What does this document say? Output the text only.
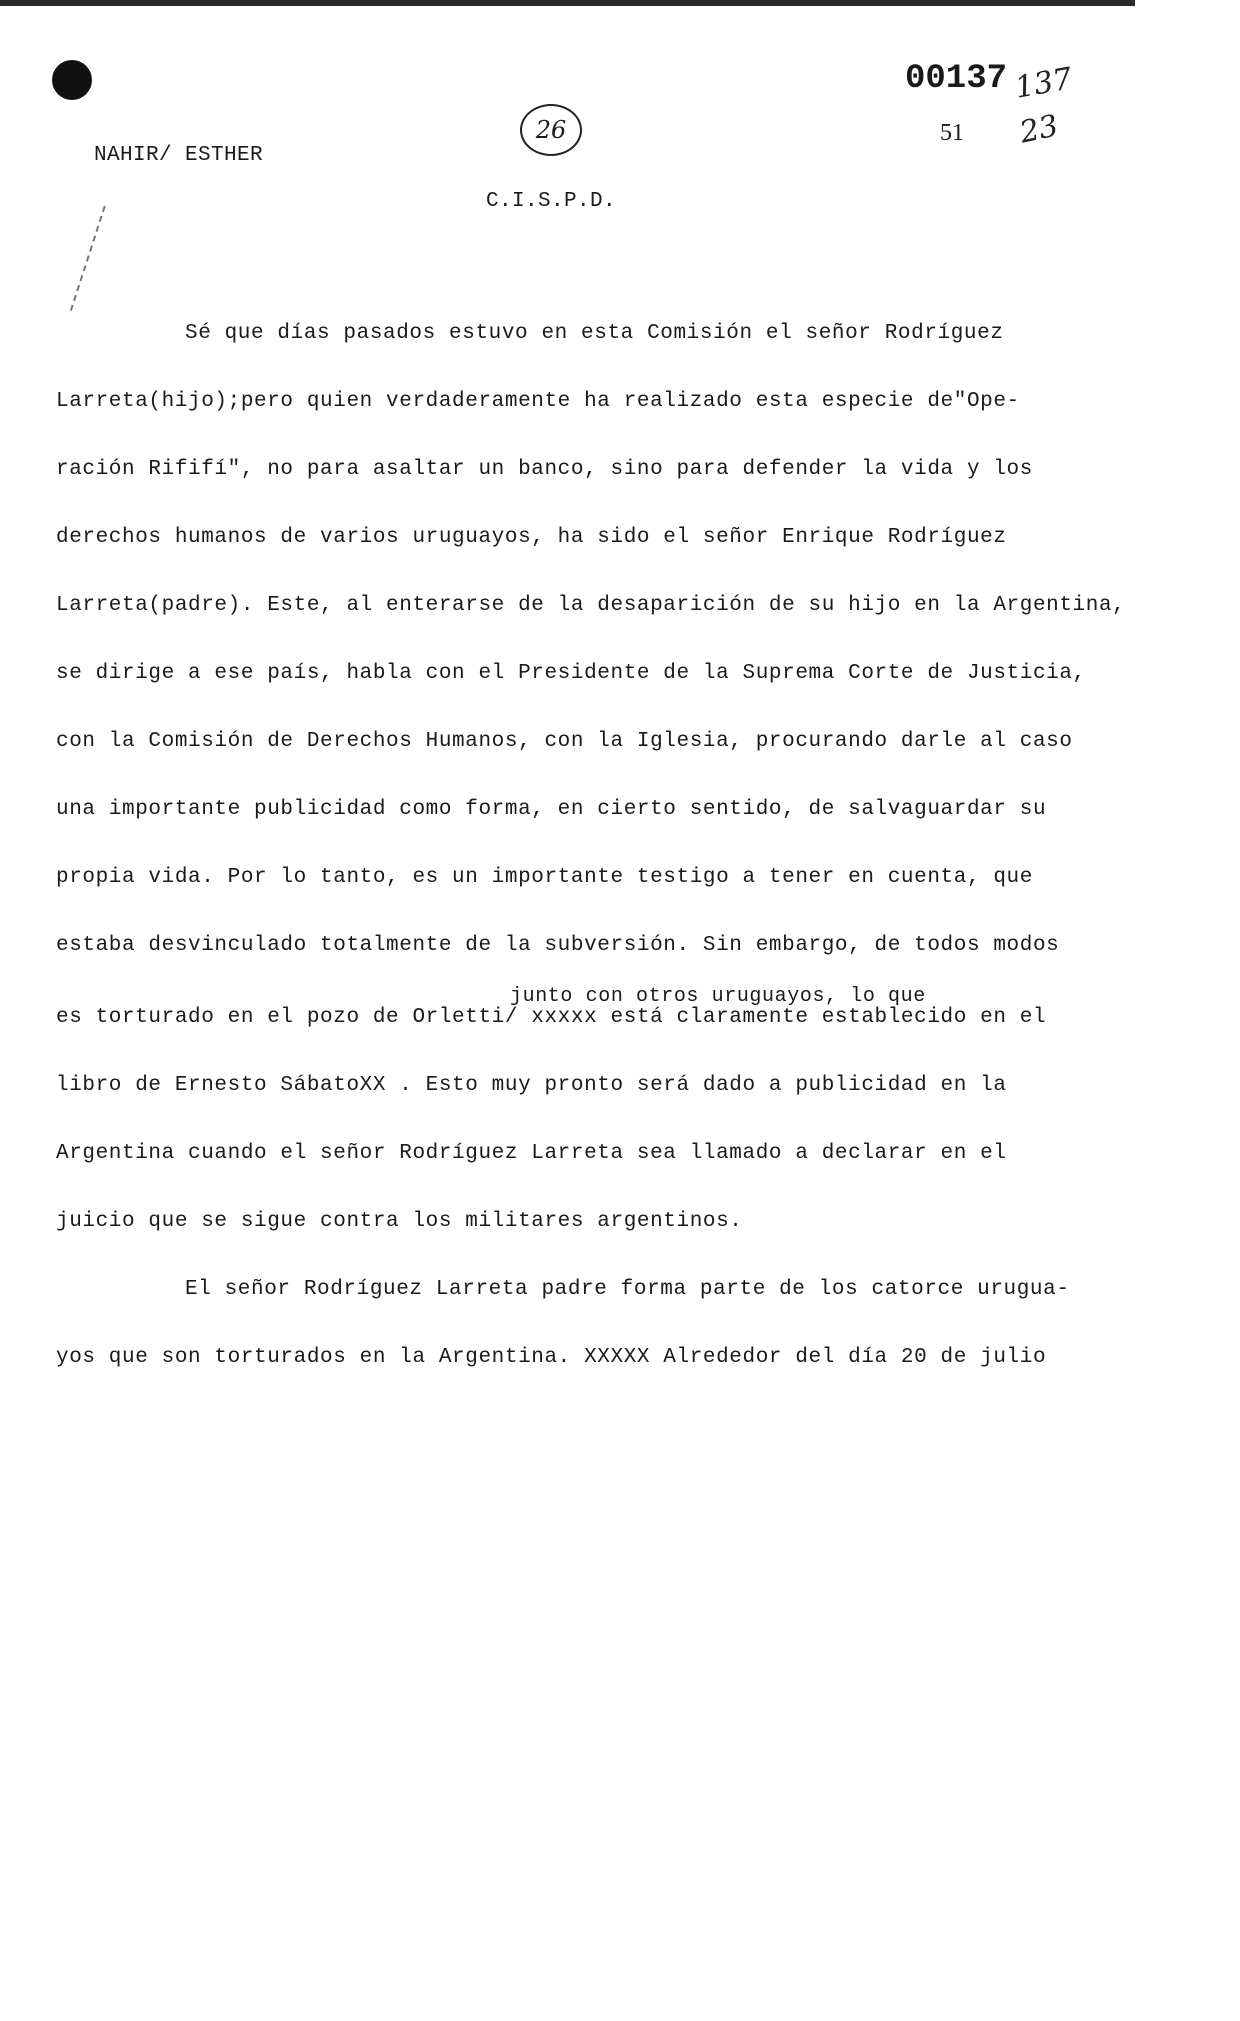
NAHIR/ ESTHER
26
C.I.S.P.D.
00137
51
137
23
Sé que días pasados estuvo en esta Comisión el señor Rodríguez
Larreta(hijo);pero quien verdaderamente ha realizado esta especie de"Ope-
ración Rififí", no para asaltar un banco, sino para defender la vida y los
derechos humanos de varios uruguayos, ha sido el señor Enrique Rodríguez
Larreta(padre). Este, al enterarse de la desaparición de su hijo en la Argentina,
se dirige a ese país, habla con el Presidente de la Suprema Corte de Justicia,
con la Comisión de Derechos Humanos, con la Iglesia, procurando darle al caso
una importante publicidad como forma, en cierto sentido, de salvaguardar su
propia vida. Por lo tanto, es un importante testigo a tener en cuenta, que
estaba desvinculado totalmente de la subversión. Sin embargo, de todos modos
junto con otros uruguayos, lo que
es torturado en el pozo de Orletti/ xxxxx está claramente establecido en el
libro de Ernesto SábatoXX . Esto muy pronto será dado a publicidad en la
Argentina cuando el señor Rodríguez Larreta sea llamado a declarar en el
juicio que se sigue contra los militares argentinos.
El señor Rodríguez Larreta padre forma parte de los catorce urugua-
yos que son torturados en la Argentina. XXXXX Alrededor del día 20 de julio
